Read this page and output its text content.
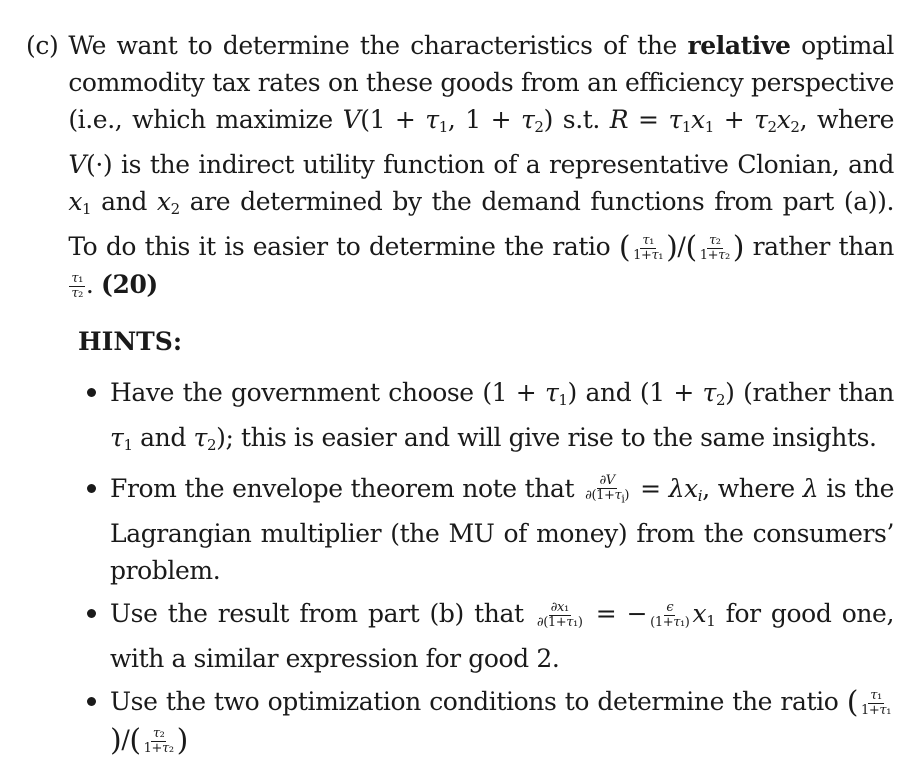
(c) We want to determine the characteristics of the relative optimal commodity tax rates on these goods from an efficiency perspective (i.e., which maximize $V(1 + \tau_1$, $1 + \tau_2$) s.t. $R = \tau_1x_1 + \tau_2x_2$, where V(·) is the indirect utility function of a representative Clonian, and $x_1$ and $x_2$ are determined by the demand functions from part (a)). To do this it is easier to determine the ratio ( $\frac{\text{τ₁}}{\text{1+τ₁}}$ )/( $\frac{\text{τ₂}}{\text{1+τ₂}}$ ) rather than
$\frac{\text{τ₁}}{\text{τ₂}}$ . (20)
HINTS:
Have the government choose $(1 + \tau_1)$ and $(1 + \tau_2)$ (rather than $\tau_1$ and $\tau_2$); this is easier and will give rise to the same insights.
From the envelope theorem note that $\frac{\partial V}{\partial(1+\tau_i)} = \lambda x_i$, where λ is the Lagrangian multiplier (the MU of money) from the consumers’ problem.
Use the result from part (b) that $\frac{\text{∂x₁}}{\text{∂(1+τ₁)}}$ = − $\frac{\epsilon}{\text{(1+τ₁)}} x_1$ for good one, with a similar expression for good 2.
Use the two optimization conditions to determine the ratio ( $\frac{\text{τ₁}}{\text{1+τ₁}}$
)/( $\frac{\text{τ₂}}{\text{1+τ₂}}$ )
